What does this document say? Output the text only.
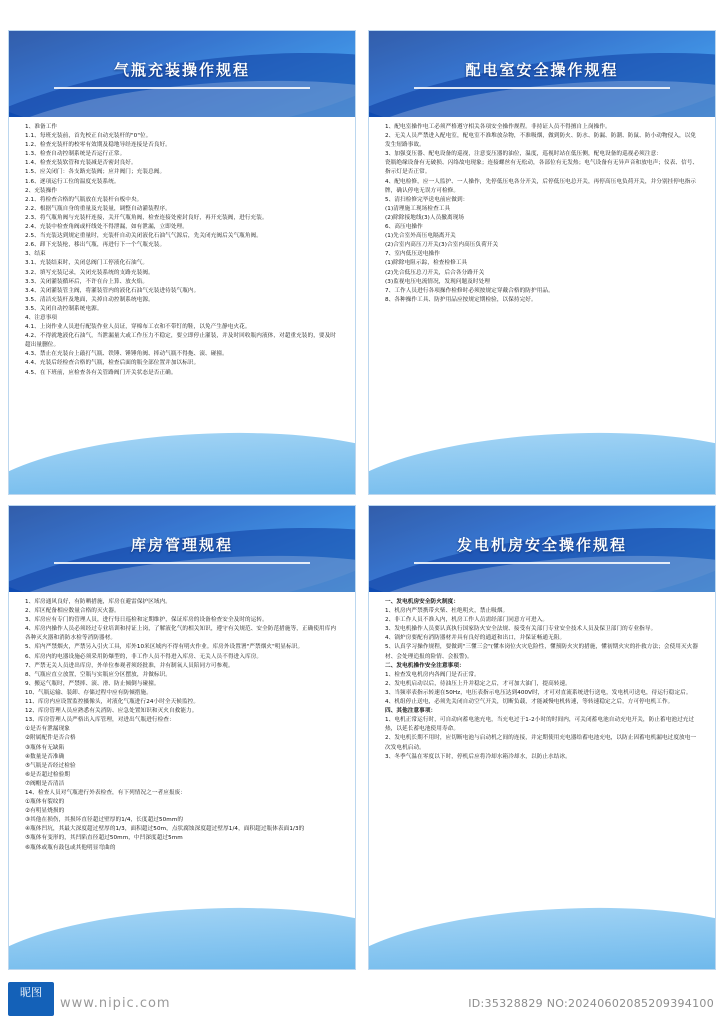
气瓶充装操作规程
1、准备工作
1.1、每班充装前，首先校正自动充装杆的"0"位。
1.2、检查充装杆的校零有效期及稳地导经连接是否良好。
1.3、检查自动控制系统是否运行正常。
1.4、检查充装软管和充装减是否密封良好。
1.5、应关闭门：各支路充装阀；应并阀门；充装总阀。
1.6、逐项运行工位的温度充装系统。
2、充装操作
2.1、将检查合格的气瓶放在充装杆台板中央。
2.2、根据气瓶自身的重量及充装量，调整自动灌装程序。
2.3、将气瓶角阀与充装杆连接，关开气瓶角阀，检查连接处密封良好，再开充装阀，进行充装。
2.4、充装中检查角阀或杆线处不得泄漏，如有泄漏，立即处理。
2.5、当充装达到规定重量时，充装杆自动关闭液化石油气气源后，先关闭充阀后关气瓶角阀。
2.6、卸下充装枪，移出气瓶，再进行下一个气瓶充装。
3、结束
3.1、充装结束时，关闭总阀门工停液化石油气。
3.2、填写充装记录，关闭充装系统的支路充装阀。
3.3、关闭灌装循环后，不许在台上算、放火焰。
3.4、关闭灌装管主阀，将灌装管内的液化石油气充装进待装气瓶内。
3.5、清洁充装杆及地面，关掉自动控制系统电源。
3.5、关闭自动控制系统电源。
4、注意事项
4.1、上岗作业人员进行配装作业人员证，穿棉布工衣和不带钉的鞋，以免产生静电火花。
4.2、不得就地液化石油气，当泄漏量大或工作压力不稳定，要立即停止灌装，并及时回收瓶内液体，对超重充装的，要及时超出量删位。
4.3、禁止在充装台上敲打气瓶、铁锤、锤锤角阀、摔动气瓶不得拖、滚、碰撞。
4.4、充装后经检查合格的气瓶，检查后面的瓶全部位置并加以标识。
4.5、在下班前，应检查各有关管路阀门开关状态是否正确。
配电室安全操作规程
1、配电室操作电工必须严格遵守相关各项安全操作规程。非持证人员不得擅自上岗操作。
2、无关人员严禁进入配电室，配电室不准堆放杂物，不准吸烟，做到防火、防水、防漏、防潮、防鼠、防小动物侵入，以免发生短路事故。
3、加强变压器、配电设备的巡视，注意变压器的油位，温度，巡视时站在低压侧，配电设备的巡视必须注意：
瓷瓶绝缘设备有无破损、闪络故电现象；连接螺丝有无松动，各部位有无发热；电气设备有无异声音和放电声；仪表、信号、指示灯是否正常。
4、配电检修，应一人监护、一人操作，先停低压电各分开关，后停低压电总开关，再停高压电负荷开关，并分别挂停电指示牌，确认停电无误方可检修。
5、清扫检修完毕送电前应做到：
(1)清理施工现场检查工具
(2)除除接地线(3)人员撤离现场
6、高压电操作
(1)先合室外高压电隔离开关
(2)合室内高压刀开关(3)合室内高压负荷开关
7、室内低压送电操作
(1)除除电阻示踪，检查检修工具
(2)先合低压总刀开关，后合各分路开关
(3)监视电压电流情况，发现问题及时处理
7、工作人员进行各项操作检修时必须按规定穿戴合格的防护用品。
8、各种操作工具、防护用品应按规定期检验，以保持完好。
库房管理规程
1、库房通风良好，有防晒措施，库房在避雷保护区域内。
2、库区配备相应数量合格的灭火器。
3、库房应有专门的管理人员，进行每日巡检和定期维护，保证库房的设备检查安全及时的运转。
4、库房内操作人员必须经过专业培训和持证上岗，了解液化气的相关知识，遵守有关规范、安全防范措施等，正确使用库内各种灭火器和消防水检等消防器材。
5、库内严禁烟火，严禁另入引火工具，库外10米区域内不得有明火作业。库房外设置署"严禁烟火"明显标识。
6、库房内的电器设施必须采用防爆型的，非工作人员不得进入库房、无关人员不得进入库房。
7、严禁无关人员进出库房，外单位参观者须经批准，并有制氧人员陪同方可参观。
8、气瓶应直立放置，空瓶与实瓶应分区摆放，并做标识。
9、搬运气瓶时，严禁摔、滚、滑、防止倾倒与碰撞。
10、气瓶运输、装卸、存储过程中应有防倾措施。
11、库房内应设置监控摄像头，对液化气瓶进行24小时全天候监控。
12、库房管理人员应熟悉有关消防、应急处置知识和灭火自救能力。
13、库房管理人员严格出入库管理，对进出气瓶进行检查：
①是否有泄漏现象
②附属配件是否合格
③瓶体有无缺陷
④数量是否准确
⑤气瓶是否经过检验
⑥是否超过检验期
⑦阀帽是否清洁
14、检查人员对气瓶进行外表检查，有下列情况之一者应报废：
①瓶体有裂纹的
②有明显烧损的
③其他在损伤，其损坏直径超过壁厚的1/4，长度超过50mm的
④瓶体凹坑，其最大深度超过壁厚的1/3，面积超过50m，点状腐蚀深度超过壁厚1/4，面积超过瓶体表面1/3的
⑤瓶体有变形的，其凹陷直径超过50mm，中凹深度超过5mm
⑥瓶体或瓶有鼓包或其他明显弯曲的
发电机房安全操作规程
一、发电机房安全防火制度：
1、机房内严禁携带火柴、杜绝明火，禁止吸烟。
2、非工作人员不准入内，机房工作人员需经部门同意方可进入。
3、发电机操作人员要认真执行国家防火安全法规、接受有关部门专业安全技术人员及保卫部门的专业指导。
4、锅炉房要配有消防器材并具有良好的通道和出口，并保证畅通无阻。
5、认真学习操作规程，要做到"三懂三会"(懂本岗位火灾危险性，懂预防火灾的措施，懂初期火灾的扑救方法；会使用灭火器材、会处理追报的险情、会报警)。
二、发电机操作安全注意事项：
1、检查发电机房内各阀门是否正常。
2、发电机启动以后，待油压上升并稳定之后，才可加大油门，提高转速。
3、当频率表指示转速在50Hz，电压表指示电压达到400V时，才可对直流系统进行送电，发电机可送电，待运行稳定后。
4、机组停止送电，必须先关闭自动空气开关，切断负载，才能减慢电机转速，等转速稳定之后，方可停电机工作。
四、其他注意事项：
1、电机正常运行时，可自动向蓄电池充电，当充电过于1-2小时的时间内，可关闭蓄电池自动充电开关，防止蓄电池过充过热，以延长蓄电池使用寿命。
2、发电机长期不用时，应切断电池与启动机之间的连接，并定期使用充电器给蓄电池充电，以防止因蓄电机漏电过度放电一次发电机启动。
3、冬季气温在零度以下时，停机后应将冷却水箱冷却水，以防止水结冰。
昵图
www.nipic.com	ID:35328829 NO:20240602085209394100
